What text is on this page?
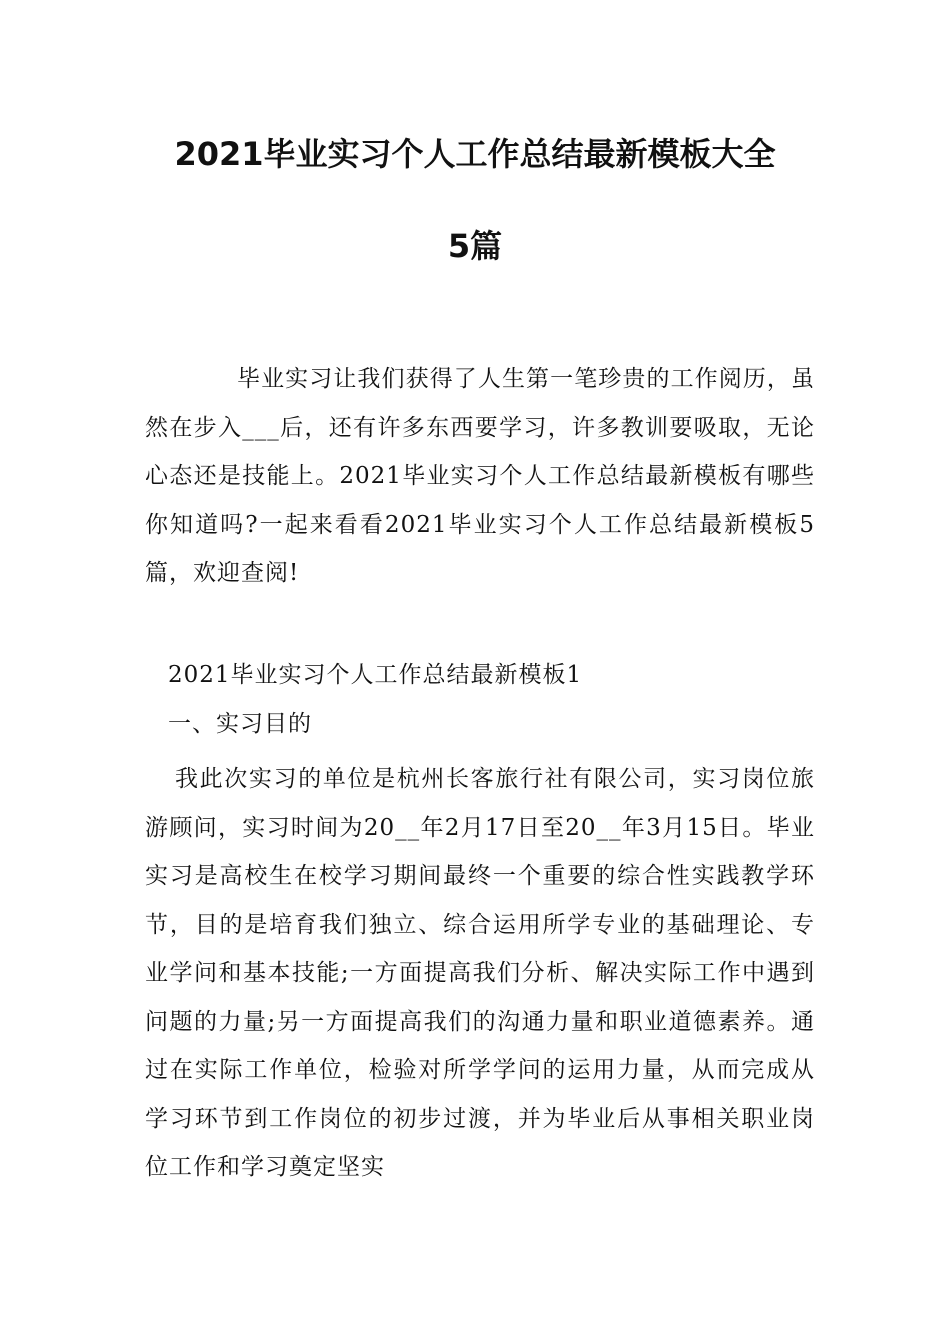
2021毕业实习个人工作总结最新模板大全
5篇

毕业实习让我们获得了人生第一笔珍贵的工作阅历，虽然在步入___后，还有许多东西要学习，许多教训要吸取，无论心态还是技能上。2021毕业实习个人工作总结最新模板有哪些你知道吗?一起来看看2021毕业实习个人工作总结最新模板5篇，欢迎查阅!

2021毕业实习个人工作总结最新模板1

一、实习目的

我此次实习的单位是杭州长客旅行社有限公司，实习岗位旅游顾问，实习时间为20__年2月17日至20__年3月15日。毕业实习是高校生在校学习期间最终一个重要的综合性实践教学环节，目的是培育我们独立、综合运用所学专业的基础理论、专业学问和基本技能;一方面提高我们分析、解决实际工作中遇到问题的力量;另一方面提高我们的沟通力量和职业道德素养。通过在实际工作单位，检验对所学学问的运用力量，从而完成从学习环节到工作岗位的初步过渡，并为毕业后从事相关职业岗位工作和学习奠定坚实
